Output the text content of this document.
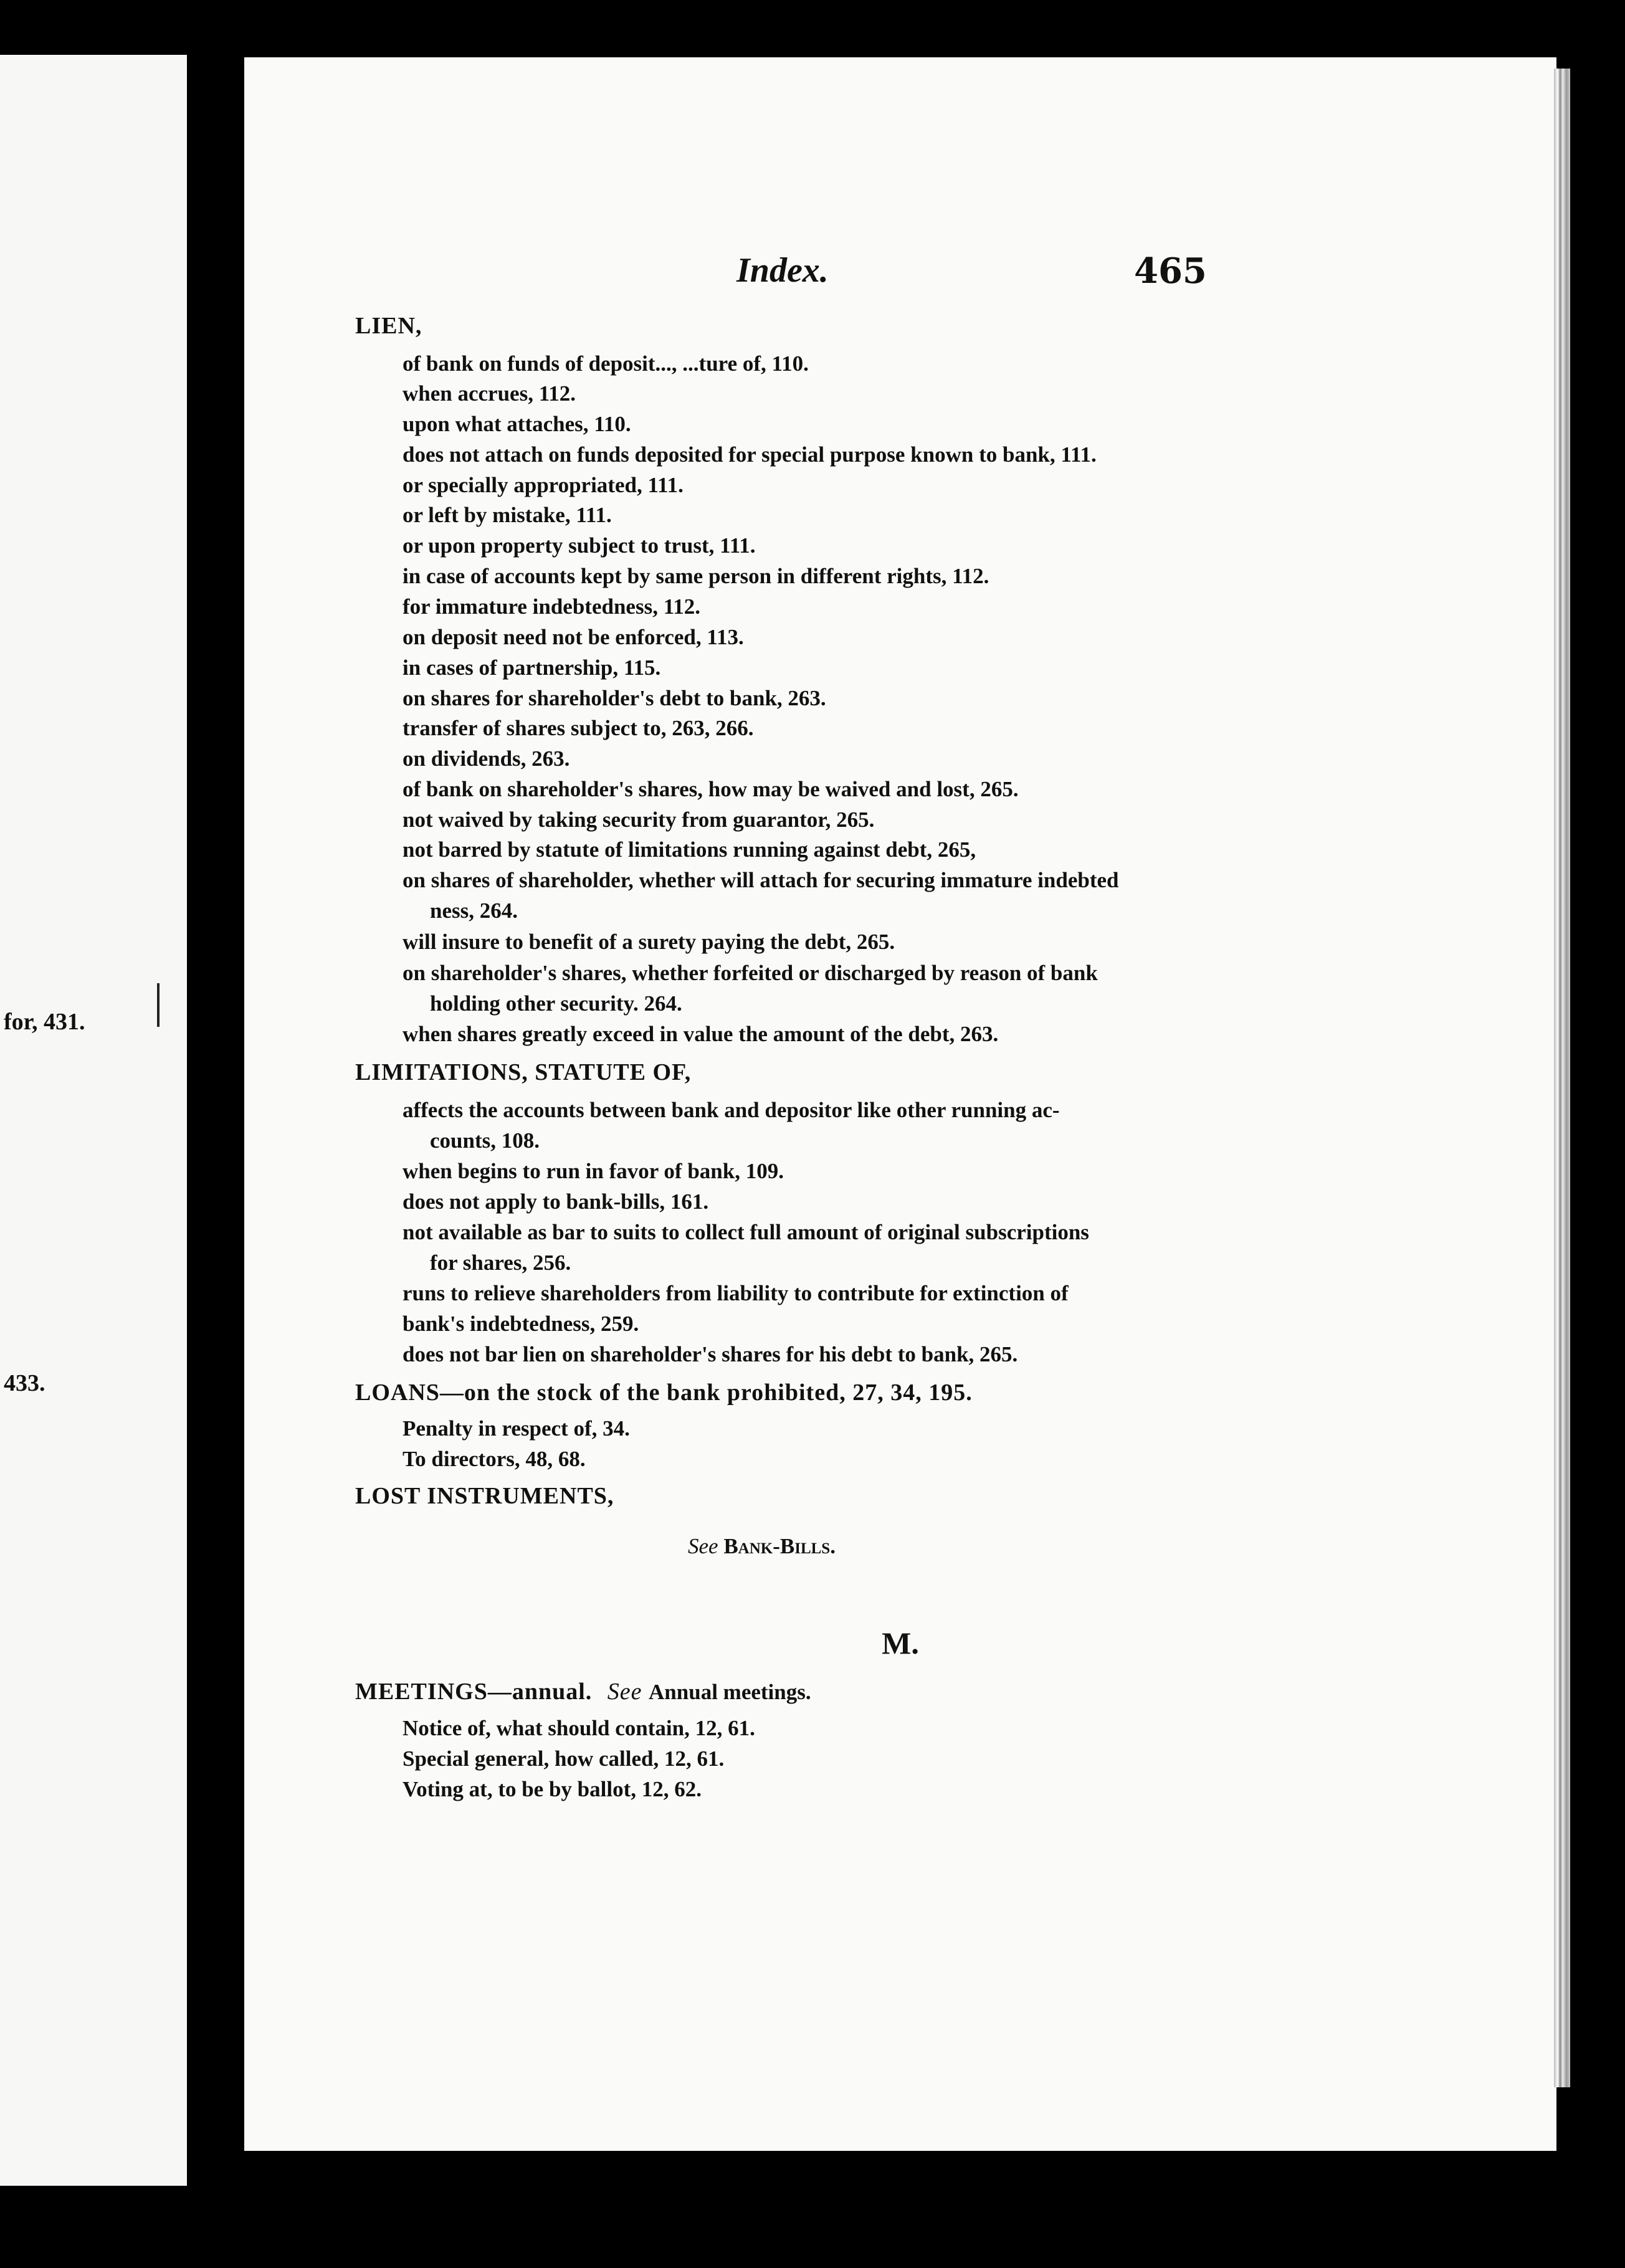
for, 431.
433.
Index.	465
LIEN,
of bank on funds of deposit..., ...ture of, 110.
when accrues, 112.
upon what attaches, 110.
does not attach on funds deposited for special purpose known to bank, 111.
or specially appropriated, 111.
or left by mistake, 111.
or upon property subject to trust, 111.
in case of accounts kept by same person in different rights, 112.
for immature indebtedness, 112.
on deposit need not be enforced, 113.
in cases of partnership, 115.
on shares for shareholder's debt to bank, 263.
transfer of shares subject to, 263, 266.
on dividends, 263.
of bank on shareholder's shares, how may be waived and lost, 265.
not waived by taking security from guarantor, 265.
not barred by statute of limitations running against debt, 265,
on shares of shareholder, whether will attach for securing immature indebted
ness, 264.
will insure to benefit of a surety paying the debt, 265.
on shareholder's shares, whether forfeited or discharged by reason of bank
holding other security. 264.
when shares greatly exceed in value the amount of the debt, 263.
LIMITATIONS, STATUTE OF,
affects the accounts between bank and depositor like other running ac-
counts, 108.
when begins to run in favor of bank, 109.
does not apply to bank-bills, 161.
not available as bar to suits to collect full amount of original subscriptions
for shares, 256.
runs to relieve shareholders from liability to contribute for extinction of
bank's indebtedness, 259.
does not bar lien on shareholder's shares for his debt to bank, 265.
LOANS—on the stock of the bank prohibited, 27, 34, 195.
Penalty in respect of, 34.
To directors, 48, 68.
LOST INSTRUMENTS,
See Bank-Bills.
M.
MEETINGS—annual. See Annual meetings.
Notice of, what should contain, 12, 61.
Special general, how called, 12, 61.
Voting at, to be by ballot, 12, 62.
